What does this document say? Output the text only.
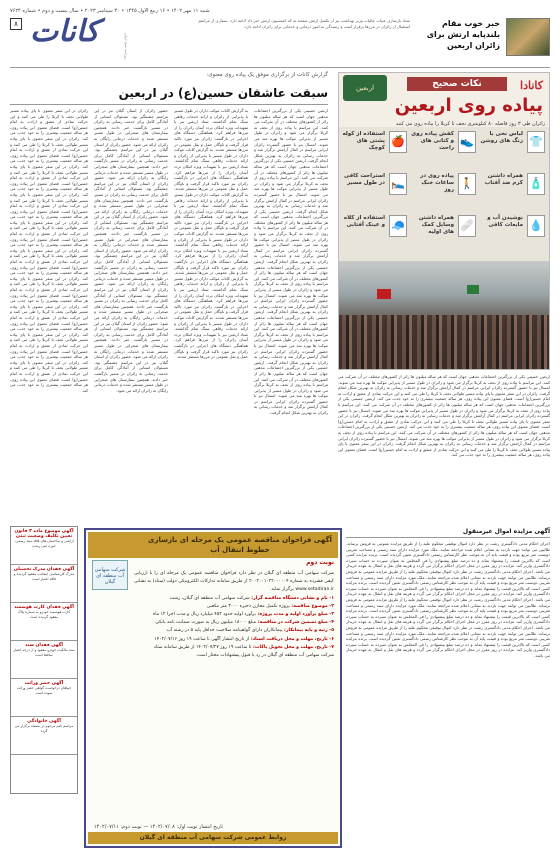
شنبه ۱۱ مهر ۱۴۰۲ • ۱۶ ربیع الاول ۱۴۴۵ • ۳۰ سپتامبر ۲۰۲۳ • سال بیست و دوم • شماره ۷۶۲۴
خبر خوب مقام بلندپایه ارتش برای زائران اربعین
ستاد بازسازی عتبات عالیات وزیر بهداشت نیز از تکمیل ارتش صفحه نه که کمیسیون ارتش خبر داد ادامه دارد. بسیاری از مراسم استقبال از زائران در مرزها برقرار است و رسیدگی به امور درمانی و خدماتی برای زائران ادامه دارد.
کانات	روزنامه صبح ایران
۸
کانادا
نکات صحیح
اربعین
پیاده روی اربعین
زائران طی ۳ روز فاصله ۸۰ کیلومتری نجف تا کربلا را پیاده روی می کنند
👕
لباس نخی با رنگ های روشن
👟
کفش پیاده روی و کتانی های راحت
🍎
استفاده از کوله پشتی های کوچک
🧴
همراه داشتن کرم ضد آفتاب
🚶
پیاده روی در ساعات خنک روز
🛌
استراحت کافی در طول مسیر
💧
نوشیدن آب و مایعات کافی
🩹
همراه داشتن وسایل کمک های اولیه
🧢
استفاده از کلاه و عینک آفتابی
گزارش کانات از برگزاری موفق یک پیاده روی معنوی:
سبقت عاشقان حسین(ع) در اربعین
اربعین حسینی یکی از بزرگترین اجتماعات مذهبی جهان است که هر ساله میلیون ها زائر از کشورهای مختلف در آن شرکت می کنند. این مراسم با پیاده روی از نجف به کربلا برگزار می شود و زائران در طول مسیر از پذیرایی موکب ها بهره مند می شوند. امسال نیز با حضور گسترده زائران ایرانی مراسم در کمال آرامش برگزار شد و خدمات رسانی به زائران به بهترین شکل انجام گرفت. اربعین حسینی یکی از بزرگترین اجتماعات مذهبی جهان است که هر ساله میلیون ها زائر از کشورهای مختلف در آن شرکت می کنند. این مراسم با پیاده روی از نجف به کربلا برگزار می شود و زائران در طول مسیر از پذیرایی موکب ها بهره مند می شوند. امسال نیز با حضور گسترده زائران ایرانی مراسم در کمال آرامش برگزار شد و خدمات رسانی به زائران به بهترین شکل انجام گرفت. اربعین حسینی یکی از بزرگترین اجتماعات مذهبی جهان است که هر ساله میلیون ها زائر از کشورهای مختلف در آن شرکت می کنند. این مراسم با پیاده روی از نجف به کربلا برگزار می شود و زائران در طول مسیر از پذیرایی موکب ها بهره مند می شوند. امسال نیز با حضور گسترده زائران ایرانی مراسم در کمال آرامش برگزار شد و خدمات رسانی به زائران به بهترین شکل انجام گرفت. اربعین حسینی یکی از بزرگترین اجتماعات مذهبی جهان است که هر ساله میلیون ها زائر از کشورهای مختلف در آن شرکت می کنند. این مراسم با پیاده روی از نجف به کربلا برگزار می شود و زائران در طول مسیر از پذیرایی موکب ها بهره مند می شوند. امسال نیز با حضور گسترده زائران ایرانی مراسم در کمال آرامش برگزار شد و خدمات رسانی به زائران به بهترین شکل انجام گرفت. اربعین حسینی یکی از بزرگترین اجتماعات مذهبی جهان است که هر ساله میلیون ها زائر از کشورهای مختلف در آن شرکت می کنند. این مراسم با پیاده روی از نجف به کربلا برگزار می شود و زائران در طول مسیر از پذیرایی موکب ها بهره مند می شوند. امسال نیز با حضور گسترده زائران ایرانی مراسم در کمال آرامش برگزار شد و خدمات رسانی به زائران به بهترین شکل انجام گرفت. اربعین حسینی یکی از بزرگترین اجتماعات مذهبی جهان است که هر ساله میلیون ها زائر از کشورهای مختلف در آن شرکت می کنند. این مراسم با پیاده روی از نجف به کربلا برگزار می شود و زائران در طول مسیر از پذیرایی موکب ها بهره مند می شوند. امسال نیز با حضور گسترده زائران ایرانی مراسم در کمال آرامش برگزار شد و خدمات رسانی به زائران به بهترین شکل انجام گرفت.
به گزارش کانات موکب داران در طول مسیر با پذیرایی از زائران و ارائه خدمات رفاهی سنگ تمام گذاشتند. ستاد اربعین نیز با تمهیدات ویژه امکان تردد آسان زائران را از مرزها فراهم کرد. هماهنگی دستگاه های اجرایی در بازگشت زائران نیز مورد تاکید قرار گرفت و ناوگان حمل و نقل عمومی در مرزها مستقر شدند. به گزارش کانات موکب داران در طول مسیر با پذیرایی از زائران و ارائه خدمات رفاهی سنگ تمام گذاشتند. ستاد اربعین نیز با تمهیدات ویژه امکان تردد آسان زائران را از مرزها فراهم کرد. هماهنگی دستگاه های اجرایی در بازگشت زائران نیز مورد تاکید قرار گرفت و ناوگان حمل و نقل عمومی در مرزها مستقر شدند. به گزارش کانات موکب داران در طول مسیر با پذیرایی از زائران و ارائه خدمات رفاهی سنگ تمام گذاشتند. ستاد اربعین نیز با تمهیدات ویژه امکان تردد آسان زائران را از مرزها فراهم کرد. هماهنگی دستگاه های اجرایی در بازگشت زائران نیز مورد تاکید قرار گرفت و ناوگان حمل و نقل عمومی در مرزها مستقر شدند. به گزارش کانات موکب داران در طول مسیر با پذیرایی از زائران و ارائه خدمات رفاهی سنگ تمام گذاشتند. ستاد اربعین نیز با تمهیدات ویژه امکان تردد آسان زائران را از مرزها فراهم کرد. هماهنگی دستگاه های اجرایی در بازگشت زائران نیز مورد تاکید قرار گرفت و ناوگان حمل و نقل عمومی در مرزها مستقر شدند. به گزارش کانات موکب داران در طول مسیر با پذیرایی از زائران و ارائه خدمات رفاهی سنگ تمام گذاشتند. ستاد اربعین نیز با تمهیدات ویژه امکان تردد آسان زائران را از مرزها فراهم کرد. هماهنگی دستگاه های اجرایی در بازگشت زائران نیز مورد تاکید قرار گرفت و ناوگان حمل و نقل عمومی در مرزها مستقر شدند. به گزارش کانات موکب داران در طول مسیر با پذیرایی از زائران و ارائه خدمات رفاهی سنگ تمام گذاشتند. ستاد اربعین نیز با تمهیدات ویژه امکان تردد آسان زائران را از مرزها فراهم کرد. هماهنگی دستگاه های اجرایی در بازگشت زائران نیز مورد تاکید قرار گرفت و ناوگان حمل و نقل عمومی در مرزها مستقر شدند.
حضور زائران از استان گیلان نیز در این مراسم چشمگیر بود. مسئولان استانی از آمادگی کامل برای خدمت رسانی به زائران در مسیر بازگشت خبر دادند. همچنین بیمارستان های صحرایی در طول مسیر مستقر شده و خدمات درمانی رایگان به زائران ارائه می شود. حضور زائران از استان گیلان نیز در این مراسم چشمگیر بود. مسئولان استانی از آمادگی کامل برای خدمت رسانی به زائران در مسیر بازگشت خبر دادند. همچنین بیمارستان های صحرایی در طول مسیر مستقر شده و خدمات درمانی رایگان به زائران ارائه می شود. حضور زائران از استان گیلان نیز در این مراسم چشمگیر بود. مسئولان استانی از آمادگی کامل برای خدمت رسانی به زائران در مسیر بازگشت خبر دادند. همچنین بیمارستان های صحرایی در طول مسیر مستقر شده و خدمات درمانی رایگان به زائران ارائه می شود. حضور زائران از استان گیلان نیز در این مراسم چشمگیر بود. مسئولان استانی از آمادگی کامل برای خدمت رسانی به زائران در مسیر بازگشت خبر دادند. همچنین بیمارستان های صحرایی در طول مسیر مستقر شده و خدمات درمانی رایگان به زائران ارائه می شود. حضور زائران از استان گیلان نیز در این مراسم چشمگیر بود. مسئولان استانی از آمادگی کامل برای خدمت رسانی به زائران در مسیر بازگشت خبر دادند. همچنین بیمارستان های صحرایی در طول مسیر مستقر شده و خدمات درمانی رایگان به زائران ارائه می شود. حضور زائران از استان گیلان نیز در این مراسم چشمگیر بود. مسئولان استانی از آمادگی کامل برای خدمت رسانی به زائران در مسیر بازگشت خبر دادند. همچنین بیمارستان های صحرایی در طول مسیر مستقر شده و خدمات درمانی رایگان به زائران ارائه می شود. حضور زائران از استان گیلان نیز در این مراسم چشمگیر بود. مسئولان استانی از آمادگی کامل برای خدمت رسانی به زائران در مسیر بازگشت خبر دادند. همچنین بیمارستان های صحرایی در طول مسیر مستقر شده و خدمات درمانی رایگان به زائران ارائه می شود. حضور زائران از استان گیلان نیز در این مراسم چشمگیر بود. مسئولان استانی از آمادگی کامل برای خدمت رسانی به زائران در مسیر بازگشت خبر دادند. همچنین بیمارستان های صحرایی در طول مسیر مستقر شده و خدمات درمانی رایگان به زائران ارائه می شود.
زائران در این سفر معنوی با پای پیاده مسیر طولانی نجف تا کربلا را طی می کنند و این حرکت نمادی از عشق و ارادت به امام حسین(ع) است. فضای معنوی این پیاده روی، هر ساله جمعیت بیشتری را به خود جذب می کند. زائران در این سفر معنوی با پای پیاده مسیر طولانی نجف تا کربلا را طی می کنند و این حرکت نمادی از عشق و ارادت به امام حسین(ع) است. فضای معنوی این پیاده روی، هر ساله جمعیت بیشتری را به خود جذب می کند. زائران در این سفر معنوی با پای پیاده مسیر طولانی نجف تا کربلا را طی می کنند و این حرکت نمادی از عشق و ارادت به امام حسین(ع) است. فضای معنوی این پیاده روی، هر ساله جمعیت بیشتری را به خود جذب می کند. زائران در این سفر معنوی با پای پیاده مسیر طولانی نجف تا کربلا را طی می کنند و این حرکت نمادی از عشق و ارادت به امام حسین(ع) است. فضای معنوی این پیاده روی، هر ساله جمعیت بیشتری را به خود جذب می کند. زائران در این سفر معنوی با پای پیاده مسیر طولانی نجف تا کربلا را طی می کنند و این حرکت نمادی از عشق و ارادت به امام حسین(ع) است. فضای معنوی این پیاده روی، هر ساله جمعیت بیشتری را به خود جذب می کند. زائران در این سفر معنوی با پای پیاده مسیر طولانی نجف تا کربلا را طی می کنند و این حرکت نمادی از عشق و ارادت به امام حسین(ع) است. فضای معنوی این پیاده روی، هر ساله جمعیت بیشتری را به خود جذب می کند. زائران در این سفر معنوی با پای پیاده مسیر طولانی نجف تا کربلا را طی می کنند و این حرکت نمادی از عشق و ارادت به امام حسین(ع) است. فضای معنوی این پیاده روی، هر ساله جمعیت بیشتری را به خود جذب می کند. زائران در این سفر معنوی با پای پیاده مسیر طولانی نجف تا کربلا را طی می کنند و این حرکت نمادی از عشق و ارادت به امام حسین(ع) است. فضای معنوی این پیاده روی، هر ساله جمعیت بیشتری را به خود جذب می کند. زائران در این سفر معنوی با پای پیاده مسیر طولانی نجف تا کربلا را طی می کنند و این حرکت نمادی از عشق و ارادت به امام حسین(ع) است. فضای معنوی این پیاده روی، هر ساله جمعیت بیشتری را به خود جذب می کند. زائران در این سفر معنوی با پای پیاده مسیر طولانی نجف تا کربلا را طی می کنند و این حرکت نمادی از عشق و ارادت به امام حسین(ع) است. فضای معنوی این پیاده روی، هر ساله جمعیت بیشتری را به خود جذب می کند.
اربعین حسینی یکی از بزرگترین اجتماعات مذهبی جهان است که هر ساله میلیون ها زائر از کشورهای مختلف در آن شرکت می کنند. این مراسم با پیاده روی از نجف به کربلا برگزار می شود و زائران در طول مسیر از پذیرایی موکب ها بهره مند می شوند. امسال نیز با حضور گسترده زائران ایرانی مراسم در کمال آرامش برگزار شد و خدمات رسانی به زائران به بهترین شکل انجام گرفت. زائران در این سفر معنوی با پای پیاده مسیر طولانی نجف تا کربلا را طی می کنند و این حرکت نمادی از عشق و ارادت به امام حسین(ع) است. فضای معنوی این پیاده روی، هر ساله جمعیت بیشتری را به خود جذب می کند. اربعین حسینی یکی از بزرگترین اجتماعات مذهبی جهان است که هر ساله میلیون ها زائر از کشورهای مختلف در آن شرکت می کنند. این مراسم با پیاده روی از نجف به کربلا برگزار می شود و زائران در طول مسیر از پذیرایی موکب ها بهره مند می شوند. امسال نیز با حضور گسترده زائران ایرانی مراسم در کمال آرامش برگزار شد و خدمات رسانی به زائران به بهترین شکل انجام گرفت. زائران در این سفر معنوی با پای پیاده مسیر طولانی نجف تا کربلا را طی می کنند و این حرکت نمادی از عشق و ارادت به امام حسین(ع) است. فضای معنوی این پیاده روی، هر ساله جمعیت بیشتری را به خود جذب می کند. اربعین حسینی یکی از بزرگترین اجتماعات مذهبی جهان است که هر ساله میلیون ها زائر از کشورهای مختلف در آن شرکت می کنند. این مراسم با پیاده روی از نجف به کربلا برگزار می شود و زائران در طول مسیر از پذیرایی موکب ها بهره مند می شوند. امسال نیز با حضور گسترده زائران ایرانی مراسم در کمال آرامش برگزار شد و خدمات رسانی به زائران به بهترین شکل انجام گرفت. زائران در این سفر معنوی با پای پیاده مسیر طولانی نجف تا کربلا را طی می کنند و این حرکت نمادی از عشق و ارادت به امام حسین(ع) است. فضای معنوی این پیاده روی، هر ساله جمعیت بیشتری را به خود جذب می کند.
آگهی موضوع ماده ۳ قانون تعیین تکلیف وضعیت ثبتی
اراضی و ساختمان های فاقد سند رسمی، حوزه ثبتی رشت
آگهی فقدان مدرک تحصیلی
مدرک کارشناسی اینجانب مفقود گردیده و فاقد اعتبار است
آگهی فقدان کارت هوشمند
کارت هوشمند خودرو به شماره پلاک مفقود گردیده است
آگهی فقدان سند
سند مالکیت خودرو مفقود و از درجه اعتبار ساقط است
آگهی حصر وراثت
خواهان درخواست گواهی حصر وراثت نموده است
آگهی خانوادگی
مراسم ختم مرحوم در مسجد برگزار می گردد
آگهی فراخوان مناقصه عمومی یک مرحله ای بازسازی خطوط انتقال آب
شرکت سهامی آب منطقه ای گیلان
نوبت دوم
شرکت سهامی آب منطقه ای گیلان در نظر دارد فراخوان مناقصه عمومی یک مرحله ای را با ارزیابی کیفی فشرده به شماره ۲۰۰۲۰۰۱۰۲۲۰۰۰۰۰۴ از طریق سامانه تدارکات الکترونیکی دولت (ستاد) به نشانی www.setadiran.ir برگزار نماید.
۱- نام و نشانی دستگاه مناقصه گزار: شرکت سهامی آب منطقه ای گیلان، رشت
۲- موضوع مناقصه: پروژه تکمیل مخازن ذخیره ۳۰۰۰ متر مکعبی
۳- مبلغ برآورد اولیه و مدت پروژه: برآورد اولیه حدود ۴۵۲ میلیارد ریال و مدت اجرا ۱۲ ماه
۴- مبلغ تضمین شرکت در مناقصه: مبلغ ۱۸۰۰۰ میلیون ریال به صورت ضمانت نامه بانکی
۵- رتبه و پایه پیمانکار: پیمانکاران دارای گواهینامه صلاحیت حداقل پایه ۵ در رشته آب
۶- تاریخ، مهلت و محل دریافت اسناد: از تاریخ انتشار آگهی تا ساعت ۱۹ روز ۱۴۰۲/۰۷/۱۶
۷- تاریخ، مهلت و محل تحویل پاکات: تا ساعت ۱۹ روز ۱۴۰۲/۰۷/۲۷ از طریق سامانه ستاد
شرکت سهامی آب منطقه ای گیلان در رد یا قبول پیشنهادات مختار است.
تاریخ انتشار نوبت اول: ۱۴۰۲/۰۷/۰۸ — نوبت دوم: ۱۴۰۲/۰۷/۱۱
روابط عمومی شرکت سهامی آب منطقه ای گیلان
آگهی مزایده اموال غیرمنقول
اجرای احکام مدنی دادگستری رشت در نظر دارد اموال توقیفی محکوم علیه را از طریق مزایده عمومی به فروش برساند. طالبین می توانند جهت بازدید به نشانی اعلام شده مراجعه نمایند. ملک مورد مزایده دارای سند رسمی و مساحت تقریبی دویست متر مربع بوده و قیمت پایه آن به موجب نظر کارشناس رسمی دادگستری تعیین گردیده است. برنده مزایده کسی است که بالاترین قیمت را پیشنهاد نماید و ده درصد مبلغ پیشنهادی را فی المجلس به عنوان سپرده به حساب سپرده دادگستری واریز کند. مزایده در روز مقرر در محل اجرای احکام برگزار می گردد و هزینه های نقل و انتقال به عهده خریدار می باشد. اجرای احکام مدنی دادگستری رشت در نظر دارد اموال توقیفی محکوم علیه را از طریق مزایده عمومی به فروش برساند. طالبین می توانند جهت بازدید به نشانی اعلام شده مراجعه نمایند. ملک مورد مزایده دارای سند رسمی و مساحت تقریبی دویست متر مربع بوده و قیمت پایه آن به موجب نظر کارشناس رسمی دادگستری تعیین گردیده است. برنده مزایده کسی است که بالاترین قیمت را پیشنهاد نماید و ده درصد مبلغ پیشنهادی را فی المجلس به عنوان سپرده به حساب سپرده دادگستری واریز کند. مزایده در روز مقرر در محل اجرای احکام برگزار می گردد و هزینه های نقل و انتقال به عهده خریدار می باشد. اجرای احکام مدنی دادگستری رشت در نظر دارد اموال توقیفی محکوم علیه را از طریق مزایده عمومی به فروش برساند. طالبین می توانند جهت بازدید به نشانی اعلام شده مراجعه نمایند. ملک مورد مزایده دارای سند رسمی و مساحت تقریبی دویست متر مربع بوده و قیمت پایه آن به موجب نظر کارشناس رسمی دادگستری تعیین گردیده است. برنده مزایده کسی است که بالاترین قیمت را پیشنهاد نماید و ده درصد مبلغ پیشنهادی را فی المجلس به عنوان سپرده به حساب سپرده دادگستری واریز کند. مزایده در روز مقرر در محل اجرای احکام برگزار می گردد و هزینه های نقل و انتقال به عهده خریدار می باشد. اجرای احکام مدنی دادگستری رشت در نظر دارد اموال توقیفی محکوم علیه را از طریق مزایده عمومی به فروش برساند. طالبین می توانند جهت بازدید به نشانی اعلام شده مراجعه نمایند. ملک مورد مزایده دارای سند رسمی و مساحت تقریبی دویست متر مربع بوده و قیمت پایه آن به موجب نظر کارشناس رسمی دادگستری تعیین گردیده است. برنده مزایده کسی است که بالاترین قیمت را پیشنهاد نماید و ده درصد مبلغ پیشنهادی را فی المجلس به عنوان سپرده به حساب سپرده دادگستری واریز کند. مزایده در روز مقرر در محل اجرای احکام برگزار می گردد و هزینه های نقل و انتقال به عهده خریدار می باشد.
